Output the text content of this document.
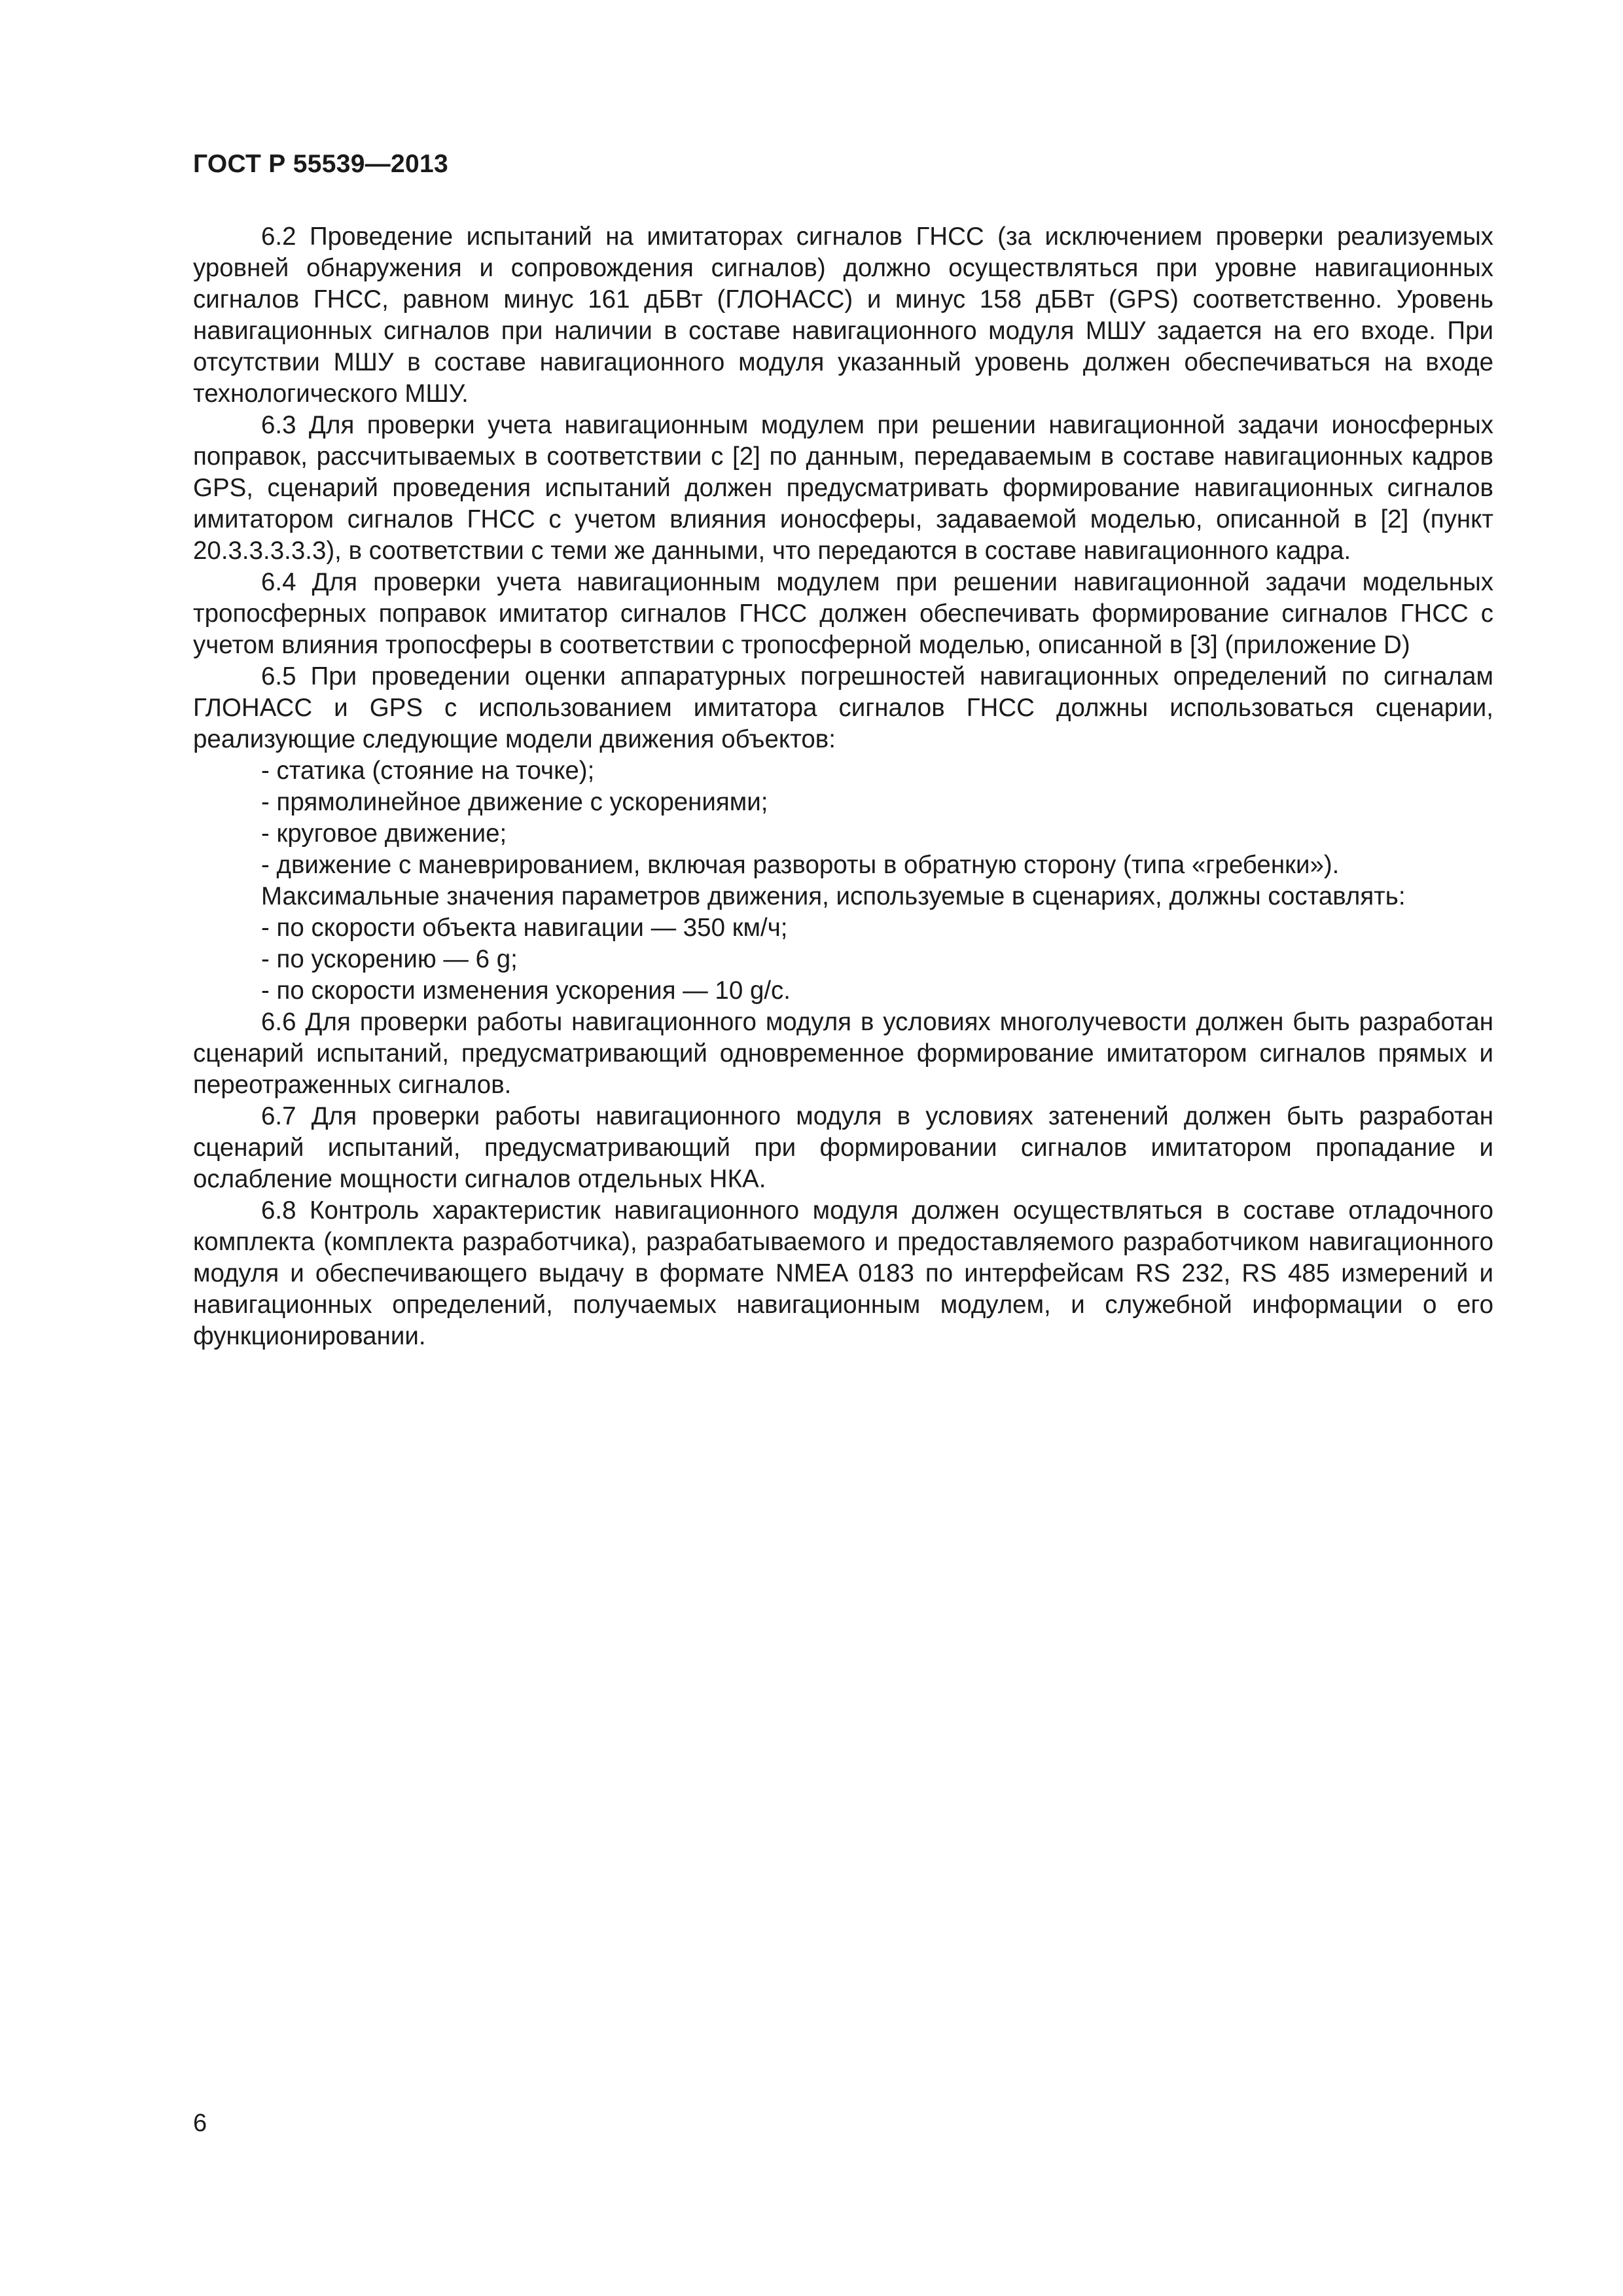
ГОСТ Р 55539—2013

6.2 Проведение испытаний на имитаторах сигналов ГНСС (за исключением проверки реализуемых уровней обнаружения и сопровождения сигналов) должно осуществляться при уровне навигационных сигналов ГНСС, равном минус 161 дБВт (ГЛОНАСС) и минус 158 дБВт (GPS) соответственно. Уровень навигационных сигналов при наличии в составе навигационного модуля МШУ задается на его входе. При отсутствии МШУ в составе навигационного модуля указанный уровень должен обеспечиваться на входе технологического МШУ.

6.3 Для проверки учета навигационным модулем при решении навигационной задачи ионосферных поправок, рассчитываемых в соответствии с [2] по данным, передаваемым в составе навигационных кадров GPS, сценарий проведения испытаний должен предусматривать формирование навигационных сигналов имитатором сигналов ГНСС с учетом влияния ионосферы, задаваемой моделью, описанной в [2] (пункт 20.3.3.3.3.3), в соответствии с теми же данными, что передаются в составе навигационного кадра.

6.4 Для проверки учета навигационным модулем при решении навигационной задачи модельных тропосферных поправок имитатор сигналов ГНСС должен обеспечивать формирование сигналов ГНСС с учетом влияния тропосферы в соответствии с тропосферной моделью, описанной в [3] (приложение D)

6.5 При проведении оценки аппаратурных погрешностей навигационных определений по сигналам ГЛОНАСС и GPS с использованием имитатора сигналов ГНСС должны использоваться сценарии, реализующие следующие модели движения объектов:

- статика (стояние на точке);
- прямолинейное движение с ускорениями;
- круговое движение;
- движение с маневрированием, включая развороты в обратную сторону (типа «гребенки»).
Максимальные значения параметров движения, используемые в сценариях, должны составлять:
- по скорости объекта навигации — 350 км/ч;
- по ускорению — 6 g;
- по скорости изменения ускорения — 10 g/c.

6.6 Для проверки работы навигационного модуля в условиях многолучевости должен быть разработан сценарий испытаний, предусматривающий одновременное формирование имитатором сигналов прямых и переотраженных сигналов.

6.7 Для проверки работы навигационного модуля в условиях затенений должен быть разработан сценарий испытаний, предусматривающий при формировании сигналов имитатором пропадание и ослабление мощности сигналов отдельных НКА.

6.8 Контроль характеристик навигационного модуля должен осуществляться в составе отладочного комплекта (комплекта разработчика), разрабатываемого и предоставляемого разработчиком навигационного модуля и обеспечивающего выдачу в формате NMEA 0183 по интерфейсам RS 232, RS 485 измерений и навигационных определений, получаемых навигационным модулем, и служебной информации о его функционировании.

6
